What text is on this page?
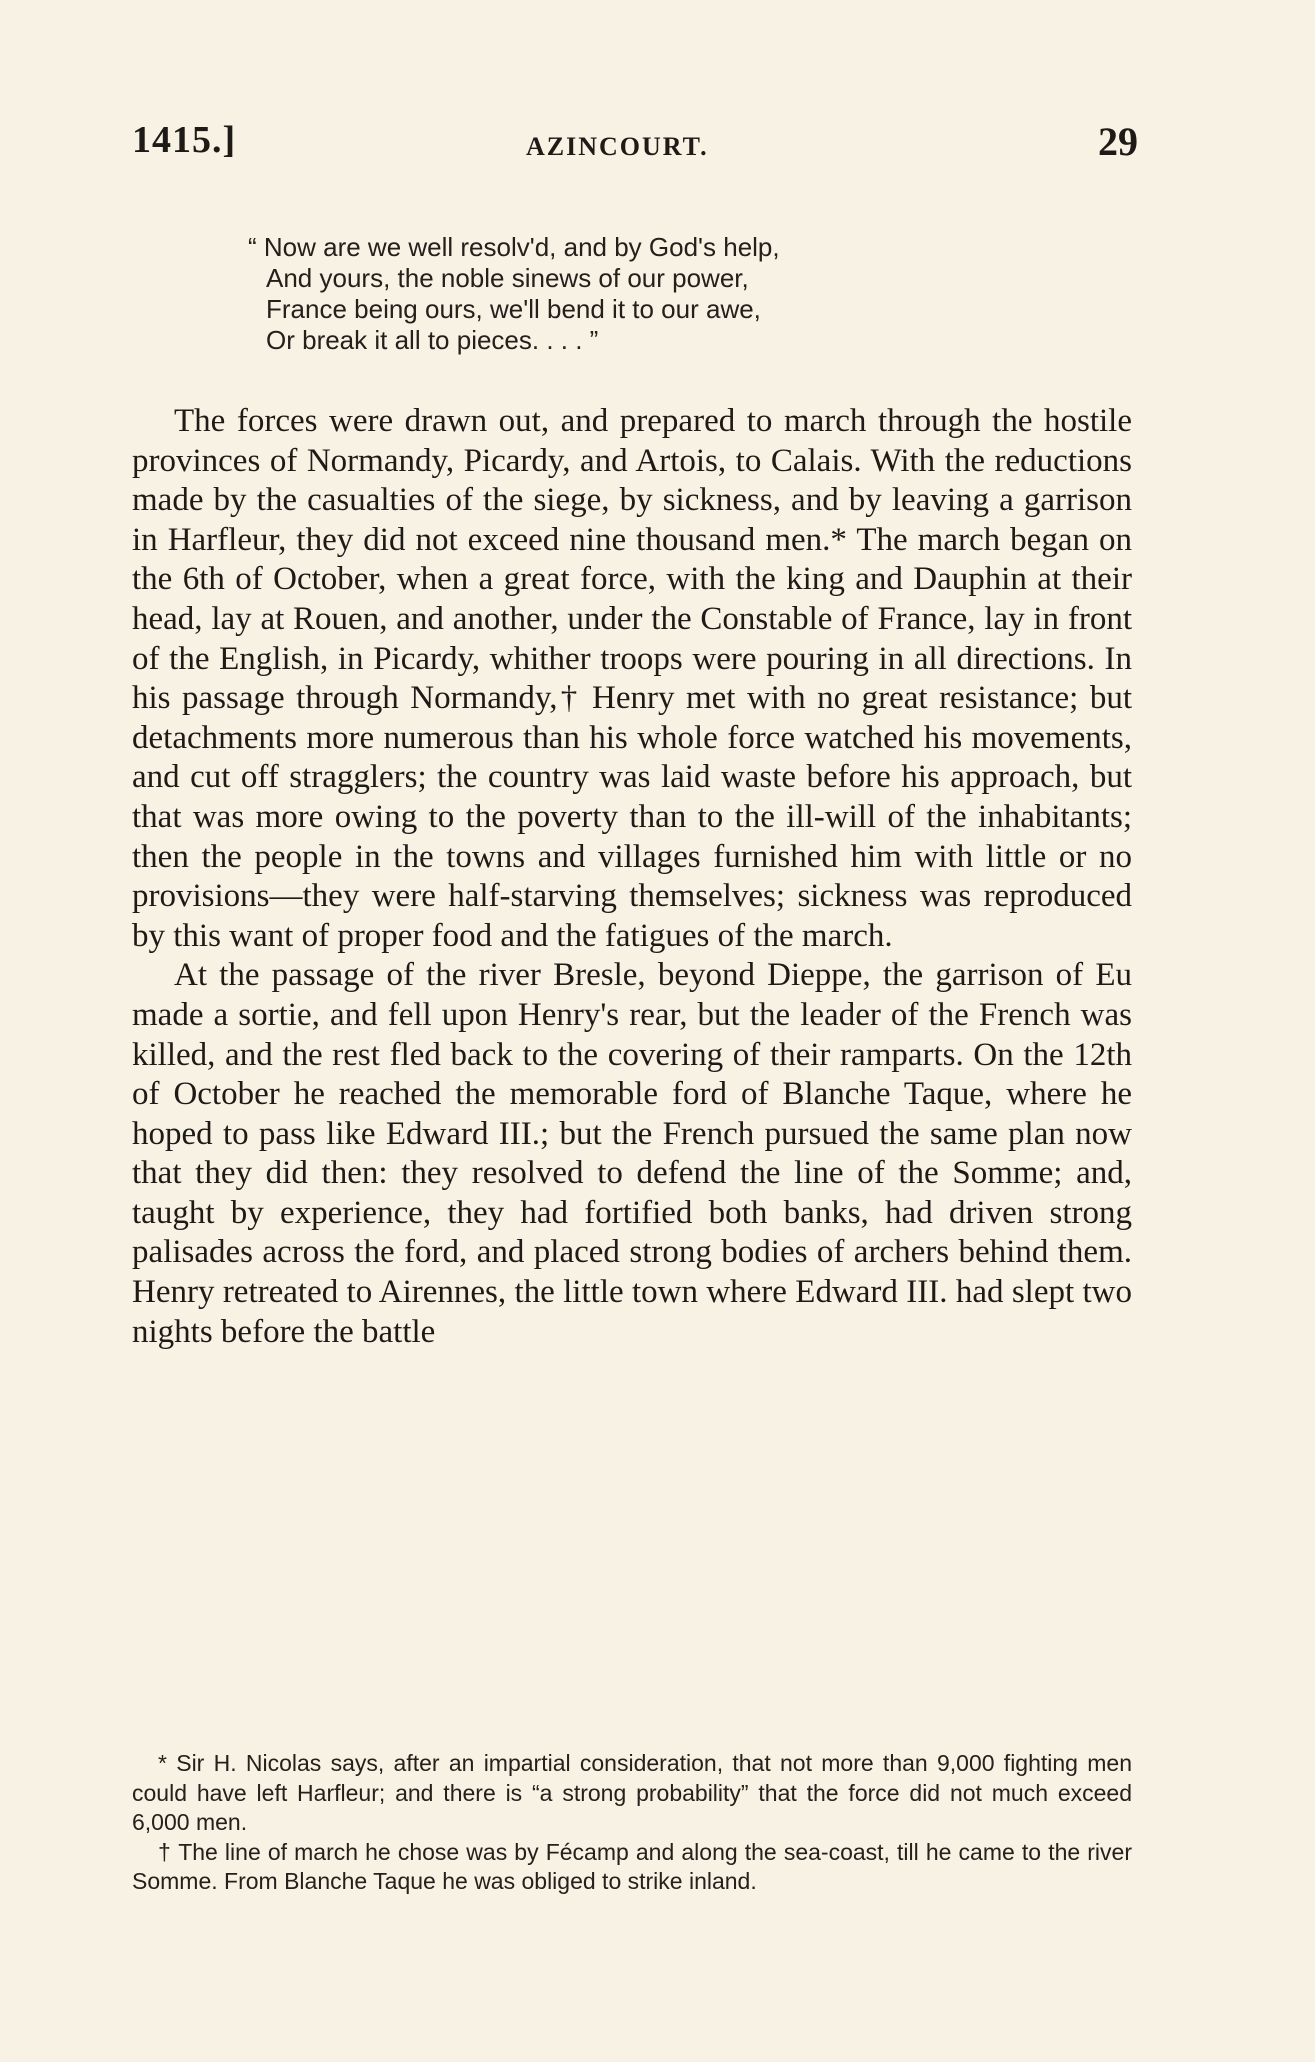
1415.]	AZINCOURT.	29
“ Now are we well resolv'd, and by God's help,
And yours, the noble sinews of our power,
France being ours, we'll bend it to our awe,
Or break it all to pieces. . . . ”

The forces were drawn out, and prepared to march through the hostile provinces of Normandy, Picardy, and Artois, to Calais. With the reductions made by the casualties of the siege, by sickness, and by leaving a garrison in Harfleur, they did not exceed nine thousand men.* The march began on the 6th of October, when a great force, with the king and Dauphin at their head, lay at Rouen, and another, under the Constable of France, lay in front of the English, in Picardy, whither troops were pouring in all directions. In his passage through Normandy,† Henry met with no great resistance; but detachments more numerous than his whole force watched his movements, and cut off stragglers; the country was laid waste before his approach, but that was more owing to the poverty than to the ill-will of the inhabitants; then the people in the towns and villages furnished him with little or no provisions—they were half-starving themselves; sickness was reproduced by this want of proper food and the fatigues of the march.

At the passage of the river Bresle, beyond Dieppe, the garrison of Eu made a sortie, and fell upon Henry's rear, but the leader of the French was killed, and the rest fled back to the covering of their ramparts. On the 12th of October he reached the memorable ford of Blanche Taque, where he hoped to pass like Edward III.; but the French pursued the same plan now that they did then: they resolved to defend the line of the Somme; and, taught by experience, they had fortified both banks, had driven strong palisades across the ford, and placed strong bodies of archers behind them. Henry retreated to Airennes, the little town where Edward III. had slept two nights before the battle

* Sir H. Nicolas says, after an impartial consideration, that not more than 9,000 fighting men could have left Harfleur; and there is “a strong probability” that the force did not much exceed 6,000 men.

† The line of march he chose was by Fécamp and along the sea-coast, till he came to the river Somme. From Blanche Taque he was obliged to strike inland.
